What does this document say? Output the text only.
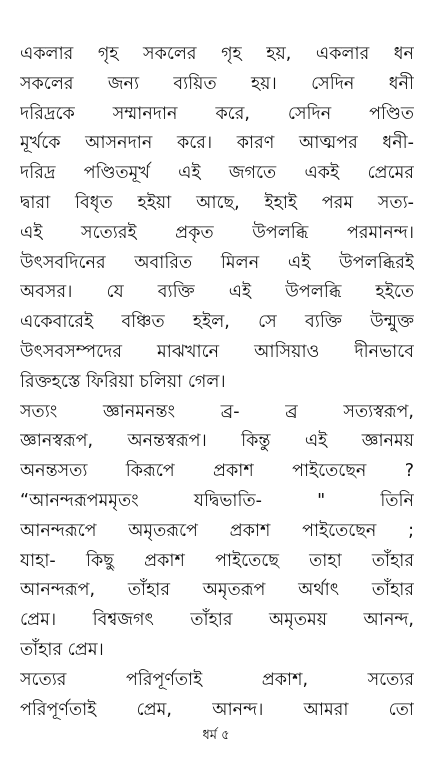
একলার গৃহ সকলের গৃহ হয়, একলার ধন
সকলের জন্য ব্যয়িত হয়। সেদিন ধনী
দরিদ্রকে সম্মানদান করে, সেদিন পণ্ডিত
মূর্খকে আসনদান করে। কারণ আত্মপর ধনী-
দরিদ্র পণ্ডিতমূর্খ এই জগতে একই প্রেমের
দ্বারা বিধৃত হইয়া আছে, ইহাই পরম সত্য-
এই সত্যেরই প্রকৃত উপলব্ধি পরমানন্দ।
উৎসবদিনের অবারিত মিলন এই উপলব্ধিরই
অবসর। যে ব্যক্তি এই উপলব্ধি হইতে
একেবারেই বঞ্চিত হইল, সে ব্যক্তি উন্মুক্ত
উৎসবসম্পদের মাঝখানে আসিয়াও দীনভাবে
রিক্তহস্তে ফিরিয়া চলিয়া গেল।
সত্যং জ্ঞানমনন্তং ব্র- ব্র সত্যস্বরূপ,
জ্ঞানস্বরূপ, অনন্তস্বরূপ। কিন্তু এই জ্ঞানময়
অনন্তসত্য কিরূপে প্রকাশ পাইতেছেন ?
“আনন্দরূপমমৃতং যদ্বিভাতি- " তিনি
আনন্দরূপে অমৃতরূপে প্রকাশ পাইতেছেন ;
যাহা- কিছু প্রকাশ পাইতেছে তাহা তাঁহার
আনন্দরূপ, তাঁহার অমৃতরূপ অর্থাৎ তাঁহার
প্রেম। বিশ্বজগৎ তাঁহার অমৃতময় আনন্দ,
তাঁহার প্রেম।
সত্যের পরিপূর্ণতাই প্রকাশ, সত্যের
পরিপূর্ণতাই প্রেম, আনন্দ। আমরা তো
ধর্ম ৫
